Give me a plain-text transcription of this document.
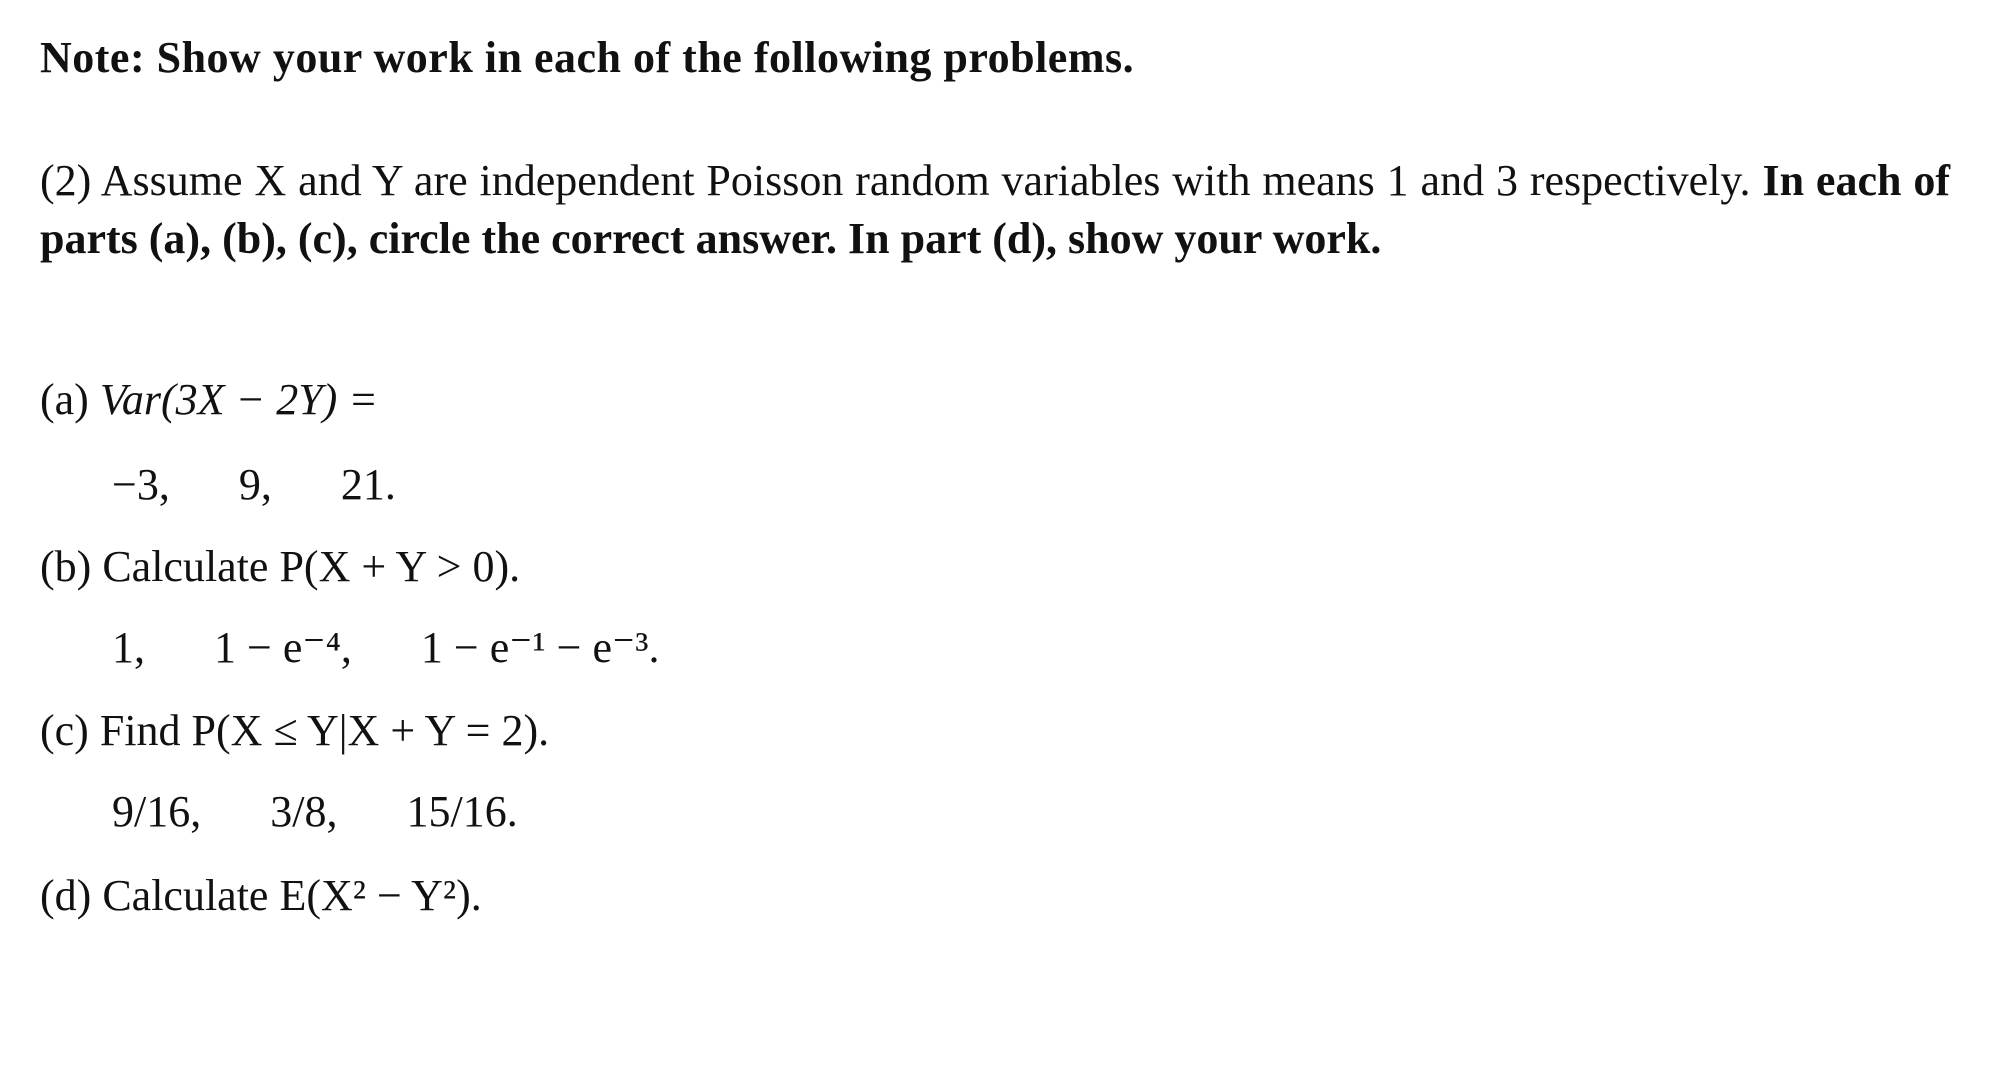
Note: Show your work in each of the following problems.
(2) Assume X and Y are independent Poisson random variables with means 1 and 3 respectively. In each of parts (a), (b), (c), circle the correct answer. In part (d), show your work.
(a) Var(3X − 2Y) =
−3, 9, 21.
(b) Calculate P(X + Y > 0).
1, 1 − e⁻⁴, 1 − e⁻¹ − e⁻³.
(c) Find P(X ≤ Y|X + Y = 2).
9/16, 3/8, 15/16.
(d) Calculate E(X² − Y²).
